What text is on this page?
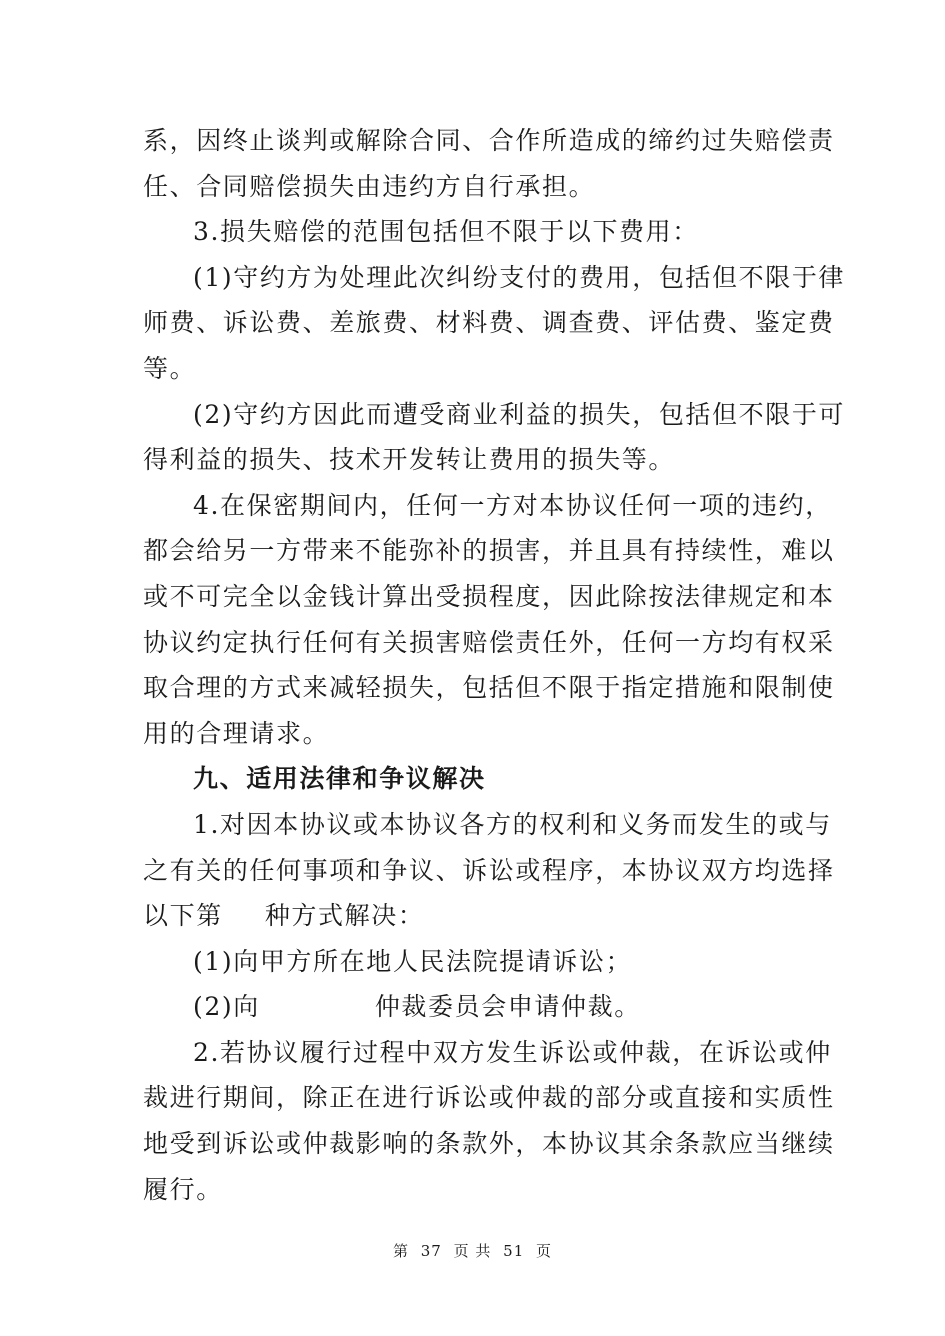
系，因终止谈判或解除合同、合作所造成的缔约过失赔偿责
任、合同赔偿损失由违约方自行承担。
3.损失赔偿的范围包括但不限于以下费用：
(1)守约方为处理此次纠纷支付的费用，包括但不限于律
师费、诉讼费、差旅费、材料费、调查费、评估费、鉴定费
等。
(2)守约方因此而遭受商业利益的损失，包括但不限于可
得利益的损失、技术开发转让费用的损失等。
4.在保密期间内，任何一方对本协议任何一项的违约，
都会给另一方带来不能弥补的损害，并且具有持续性，难以
或不可完全以金钱计算出受损程度，因此除按法律规定和本
协议约定执行任何有关损害赔偿责任外，任何一方均有权采
取合理的方式来减轻损失，包括但不限于指定措施和限制使
用的合理请求。
九、适用法律和争议解决
1.对因本协议或本协议各方的权利和义务而发生的或与
之有关的任何事项和争议、诉讼或程序，本协议双方均选择
以下第 种方式解决：
(1)向甲方所在地人民法院提请诉讼；
(2)向	仲裁委员会申请仲裁。
2.若协议履行过程中双方发生诉讼或仲裁，在诉讼或仲
裁进行期间，除正在进行诉讼或仲裁的部分或直接和实质性
地受到诉讼或仲裁影响的条款外，本协议其余条款应当继续
履行。
第 37 页 共 51 页
